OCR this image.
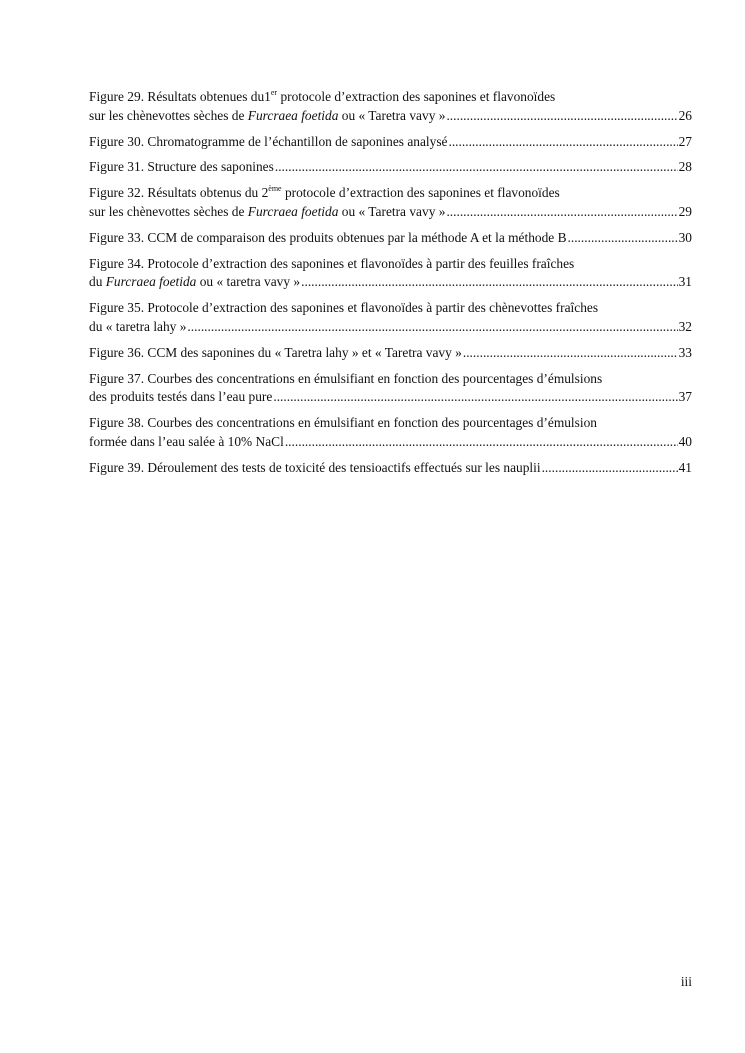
Figure 29. Résultats obtenues du1er protocole d’extraction des saponines et flavonoïdes
sur les chènevottes sèches de Furcraea foetida ou « Taretra vavy » .....	26
Figure 30. Chromatogramme de l’échantillon de saponines analysé .....	27
Figure 31. Structure des saponines .....	28
Figure 32. Résultats obtenus du 2ème protocole d’extraction des saponines et flavonoïdes
sur les chènevottes sèches de Furcraea foetida ou « Taretra vavy » .....	29
Figure 33. CCM de comparaison des produits obtenues par la méthode A et la méthode B .....	30
Figure 34. Protocole d’extraction des saponines et flavonoïdes à partir des feuilles fraîches
du Furcraea foetida ou « taretra vavy » .....	31
Figure 35. Protocole d’extraction des saponines et flavonoïdes à partir des chènevottes fraîches
du « taretra lahy » .....	32
Figure 36. CCM des saponines du « Taretra lahy » et « Taretra vavy » .....	33
Figure 37. Courbes des concentrations en émulsifiant en fonction des pourcentages d’émulsions
des produits testés dans l’eau pure .....	37
Figure 38. Courbes des concentrations en émulsifiant en fonction des pourcentages d’émulsion
formée dans l’eau salée à 10% NaCl .....	40
Figure 39. Déroulement des tests de toxicité des tensioactifs effectués sur les nauplii .....	41
iii
